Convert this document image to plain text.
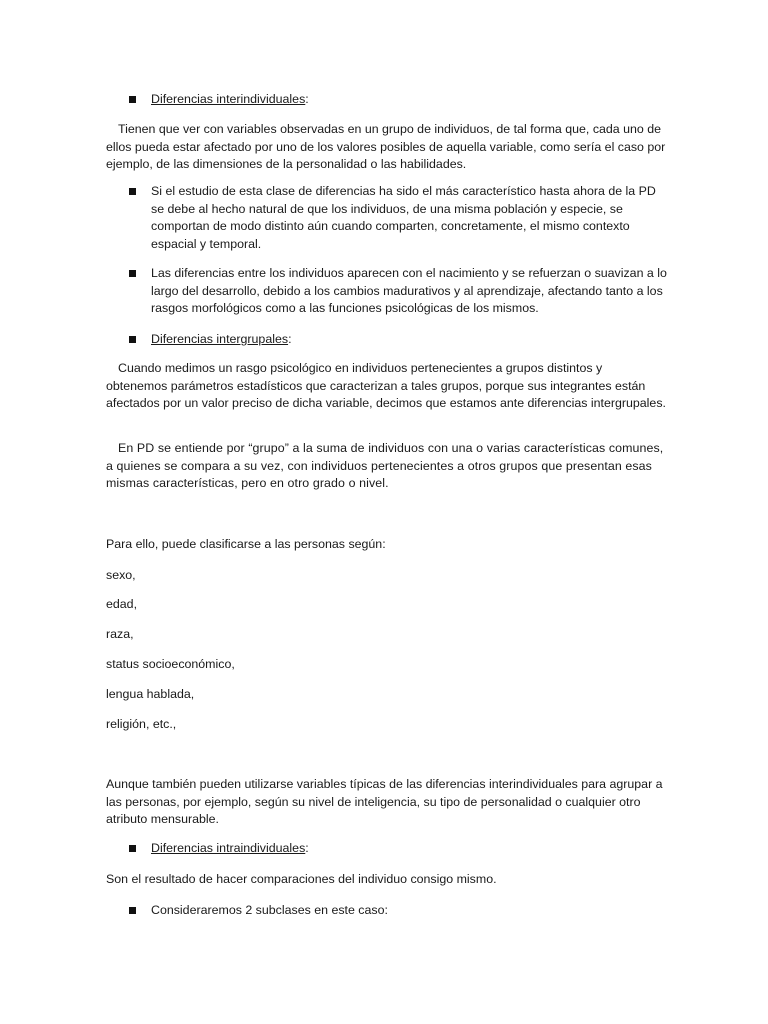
Diferencias interindividuales:
Tienen que ver con variables observadas en un grupo de individuos, de tal forma que, cada uno de ellos pueda estar afectado por uno de los valores posibles de aquella variable, como sería el caso por ejemplo, de las dimensiones de la personalidad o las habilidades.
Si el estudio de esta clase de diferencias ha sido el más característico hasta ahora de la PD se debe al hecho natural de que los individuos, de una misma población y especie, se comportan de modo distinto aún cuando comparten, concretamente, el mismo contexto espacial y temporal.
Las diferencias entre los individuos aparecen con el nacimiento y se refuerzan o suavizan a lo largo del desarrollo, debido a los cambios madurativos y al aprendizaje, afectando tanto a los rasgos morfológicos como a las funciones psicológicas de los mismos.
Diferencias intergrupales:
Cuando medimos un rasgo psicológico en individuos pertenecientes a grupos distintos y obtenemos parámetros estadísticos que caracterizan a tales grupos, porque sus integrantes están afectados por un valor preciso de dicha variable, decimos que estamos ante diferencias intergrupales.
En PD se entiende por “grupo” a la suma de individuos con una o varias características comunes, a quienes se compara a su vez, con individuos pertenecientes a otros grupos que presentan esas mismas características, pero en otro grado o nivel.
Para ello, puede clasificarse a las personas según:
sexo,
edad,
raza,
status socioeconómico,
lengua hablada,
religión, etc.,
Aunque también pueden utilizarse variables típicas de las diferencias interindividuales para agrupar a las personas, por ejemplo, según su nivel de inteligencia, su tipo de personalidad o cualquier otro atributo mensurable.
Diferencias intraindividuales:
Son el resultado de hacer comparaciones del individuo consigo mismo.
Consideraremos 2 subclases en este caso:
